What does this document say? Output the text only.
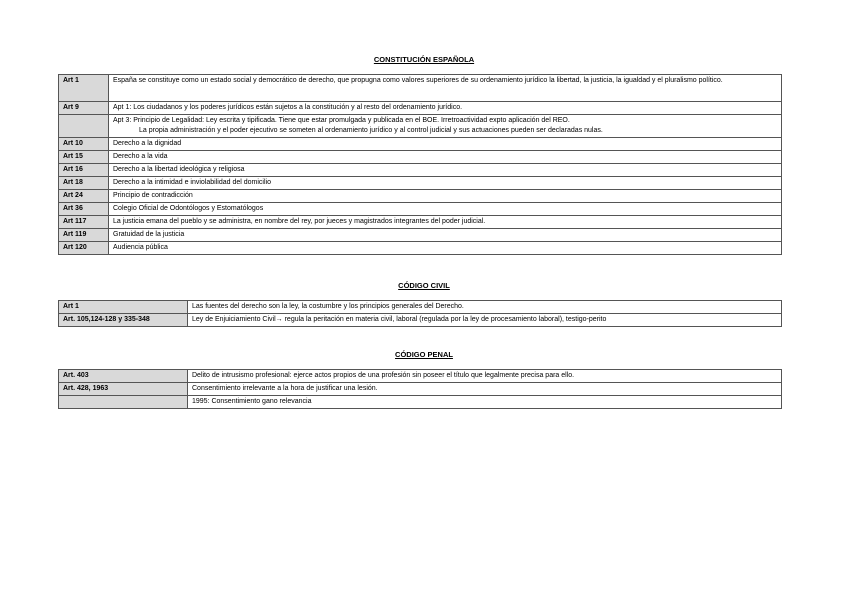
CONSTITUCIÓN ESPAÑOLA
Art 1	España se constituye como un estado social y democrático de derecho, que propugna como valores superiores de su ordenamiento jurídico la libertad, la justicia, la igualdad y el pluralismo político.
Art 9	Apt 1: Los ciudadanos y los poderes jurídicos están sujetos a la constitución y al resto del ordenamiento jurídico.
	Apt 3: Principio de Legalidad: Ley escrita y tipificada. Tiene que estar promulgada y publicada en el BOE. Irretroactividad expto aplicación del REO.
La propia administración y el poder ejecutivo se someten al ordenamiento jurídico y al control judicial y sus actuaciones pueden ser declaradas nulas.

Art 10	Derecho a la dignidad
Art 15	Derecho a la vida
Art 16	Derecho a la libertad ideológica y religiosa
Art 18	Derecho a la intimidad e inviolabilidad del domicilio
Art 24	Principio de contradicción
Art 36	Colegio Oficial de Odontólogos y Estomatólogos
Art 117	La justicia emana del pueblo y se administra, en nombre del rey, por jueces y magistrados integrantes del poder judicial.
Art 119	Gratuidad de la justicia
Art 120	Audiencia pública
CÓDIGO CIVIL
Art 1	Las fuentes del derecho son la ley, la costumbre y los principios generales del Derecho.
Art. 105,124-128 y 335-348	Ley de Enjuiciamiento Civil→ regula la peritación en materia civil, laboral (regulada por la ley de procesamiento laboral), testigo-perito
CÓDIGO PENAL
Art. 403	Delito de intrusismo profesional: ejerce actos propios de una profesión sin poseer el título que legalmente precisa para ello.
Art. 428, 1963	Consentimiento irrelevante a la hora de justificar una lesión.
	1995: Consentimiento gano relevancia
